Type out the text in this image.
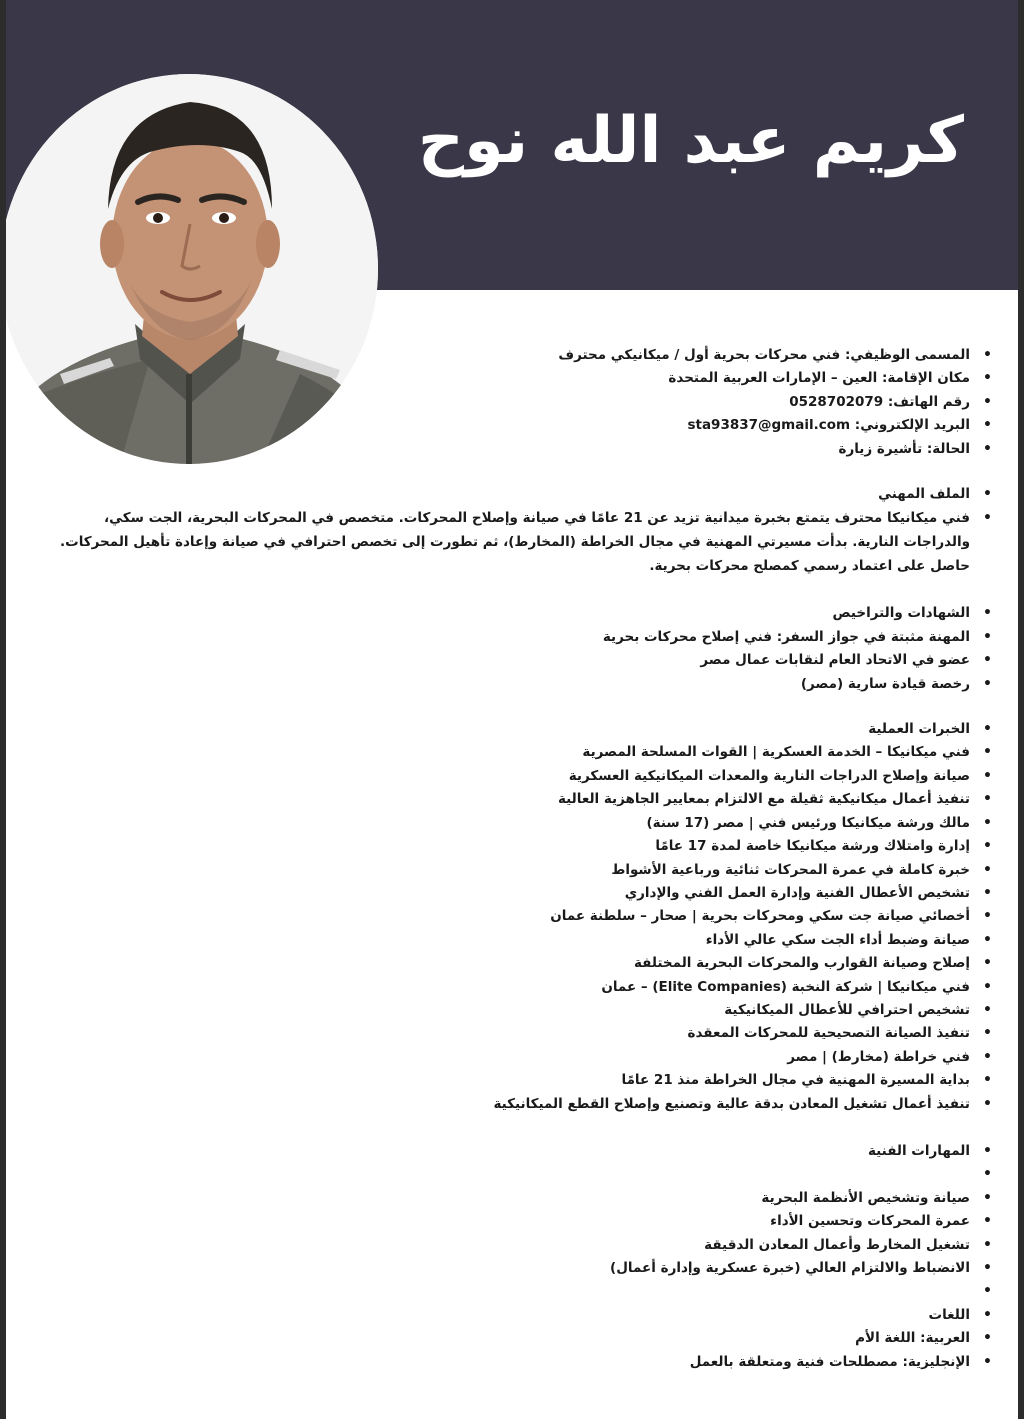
كريم عبد الله نوح
• المسمى الوظيفي: فني محركات بحرية أول / ميكانيكي محترف
• مكان الإقامة: العين – الإمارات العربية المتحدة
• رقم الهاتف: 0528702079
• البريد الإلكتروني: sta93837@gmail.com
• الحالة: تأشيرة زيارة
• الملف المهني
• فني ميكانيكا محترف يتمتع بخبرة ميدانية تزيد عن 21 عامًا في صيانة وإصلاح المحركات. متخصص في المحركات البحرية، الجت سكي، والدراجات النارية. بدأت مسيرتي المهنية في مجال الخراطة (المخارط)، ثم تطورت إلى تخصص احترافي في صيانة وإعادة تأهيل المحركات. حاصل على اعتماد رسمي كمصلح محركات بحرية.
• الشهادات والتراخيص
• المهنة مثبتة في جواز السفر: فني إصلاح محركات بحرية
• عضو في الاتحاد العام لنقابات عمال مصر
• رخصة قيادة سارية (مصر)
• الخبرات العملية
• فني ميكانيكا – الخدمة العسكرية | القوات المسلحة المصرية
• صيانة وإصلاح الدراجات النارية والمعدات الميكانيكية العسكرية
• تنفيذ أعمال ميكانيكية ثقيلة مع الالتزام بمعايير الجاهزية العالية
• مالك ورشة ميكانيكا ورئيس فني | مصر (17 سنة)
• إدارة وامتلاك ورشة ميكانيكا خاصة لمدة 17 عامًا
• خبرة كاملة في عمرة المحركات ثنائية ورباعية الأشواط
• تشخيص الأعطال الفنية وإدارة العمل الفني والإداري
• أخصائي صيانة جت سكي ومحركات بحرية | صحار – سلطنة عمان
• صيانة وضبط أداء الجت سكي عالي الأداء
• إصلاح وصيانة القوارب والمحركات البحرية المختلفة
• فني ميكانيكا | شركة النخبة (Elite Companies) – عمان
• تشخيص احترافي للأعطال الميكانيكية
• تنفيذ الصيانة التصحيحية للمحركات المعقدة
• فني خراطة (مخارط) | مصر
• بداية المسيرة المهنية في مجال الخراطة منذ 21 عامًا
• تنفيذ أعمال تشغيل المعادن بدقة عالية وتصنيع وإصلاح القطع الميكانيكية
• المهارات الفنية
•
• صيانة وتشخيص الأنظمة البحرية
• عمرة المحركات وتحسين الأداء
• تشغيل المخارط وأعمال المعادن الدقيقة
• الانضباط والالتزام العالي (خبرة عسكرية وإدارة أعمال)
•
• اللغات
• العربية: اللغة الأم
• الإنجليزية: مصطلحات فنية ومتعلقة بالعمل
